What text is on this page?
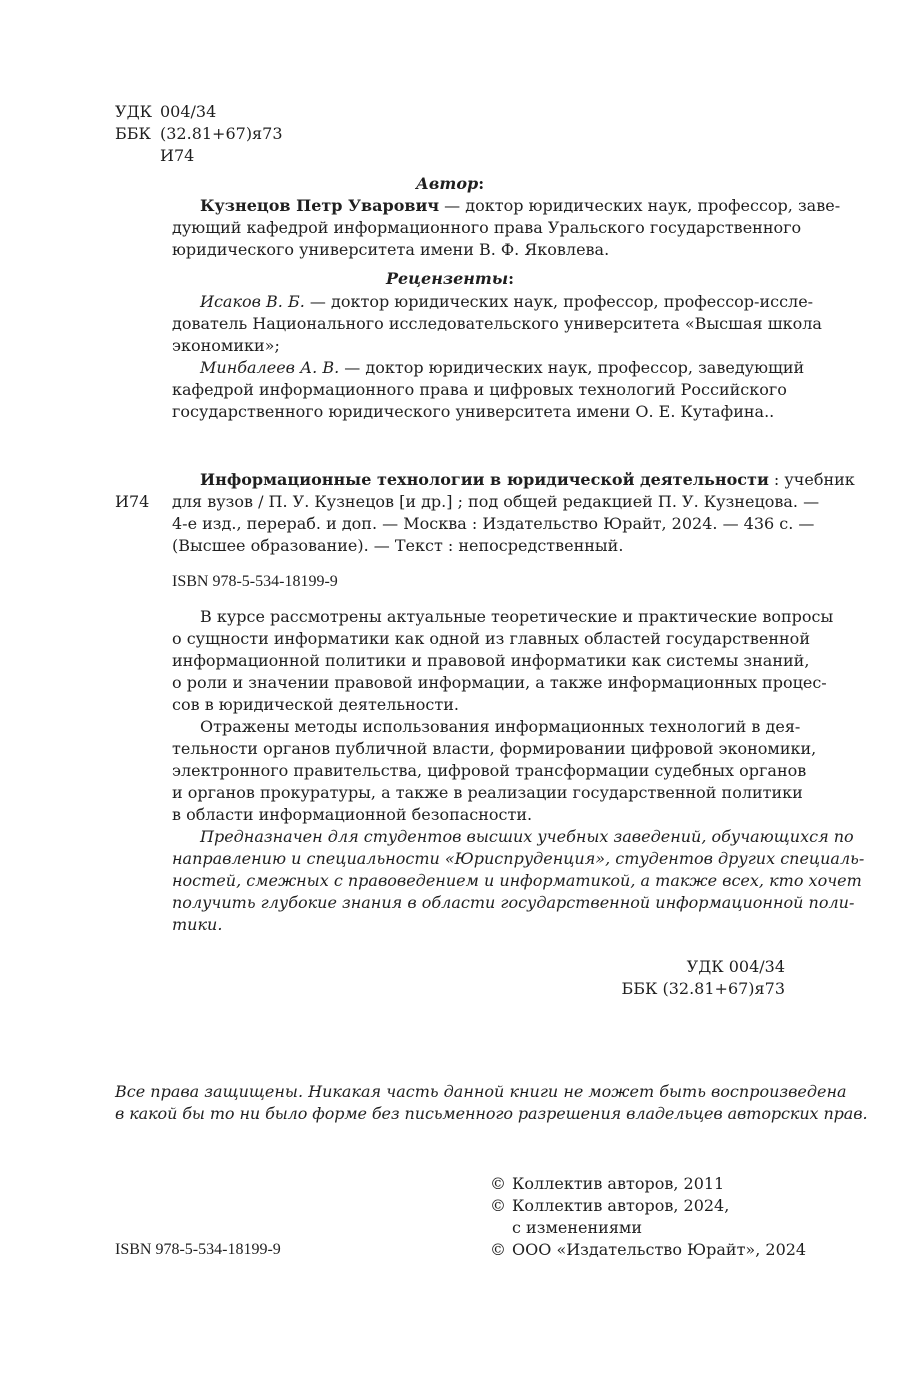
УДК 004/34
ББК (32.81+67)я73
И74
Автор:
Кузнецов Петр Уварович — доктор юридических наук, профессор, заве-
дующий кафедрой информационного права Уральского государственного
юридического университета имени В. Ф. Яковлева.
Рецензенты:
Исаков В. Б. — доктор юридических наук, профессор, профессор-иссле-
дователь Национального исследовательского университета «Высшая школа
экономики»;
Минбалеев А. В. — доктор юридических наук, профессор, заведующий
кафедрой информационного права и цифровых технологий Российского
государственного юридического университета имени О. Е. Кутафина..
Информационные технологии в юридической деятельности : учебник
И74 для вузов / П. У. Кузнецов [и др.] ; под общей редакцией П. У. Кузнецова. —
4-е изд., перераб. и доп. — Москва : Издательство Юрайт, 2024. — 436 с. —
(Высшее образование). — Текст : непосредственный.
ISBN 978-5-534-18199-9
В курсе рассмотрены актуальные теоретические и практические вопросы
о сущности информатики как одной из главных областей государственной
информационной политики и правовой информатики как системы знаний,
о роли и значении правовой информации, а также информационных процес-
сов в юридической деятельности.
Отражены методы использования информационных технологий в дея-
тельности органов публичной власти, формировании цифровой экономики,
электронного правительства, цифровой трансформации судебных органов
и органов прокуратуры, а также в реализации государственной политики
в области информационной безопасности.
Предназначен для студентов высших учебных заведений, обучающихся по
направлению и специальности «Юриспруденция», студентов других специаль-
ностей, смежных с правоведением и информатикой, а также всех, кто хочет
получить глубокие знания в области государственной информационной поли-
тики.
УДК 004/34
ББК (32.81+67)я73
Все права защищены. Никакая часть данной книги не может быть воспроизведена
в какой бы то ни было форме без письменного разрешения владельцев авторских прав.
ISBN 978-5-534-18199-9
© Коллектив авторов, 2011
© Коллектив авторов, 2024,
с изменениями
© ООО «Издательство Юрайт», 2024
